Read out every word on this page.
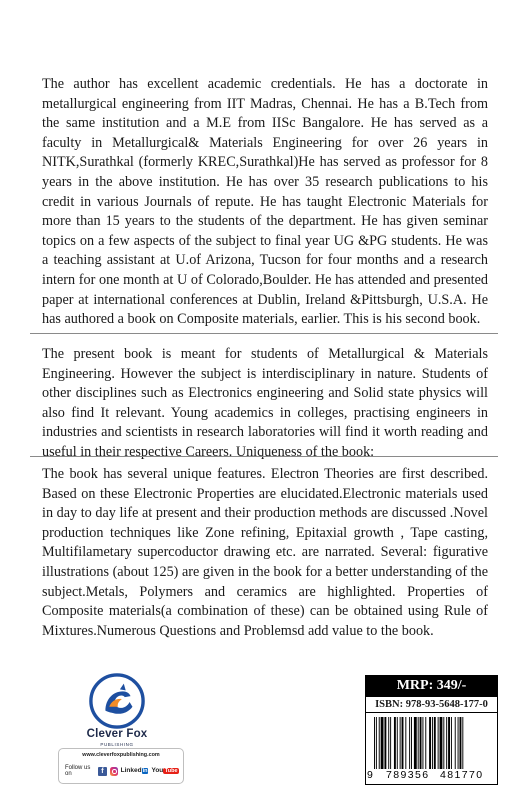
The author has excellent academic credentials. He has a doctorate in metallurgical engineering from IIT Madras, Chennai. He has a B.Tech from the same institution and a M.E from IISc Bangalore. He has served as a faculty in Metallurgical& Materials Engineering for over 26 years in NITK,Surathkal (formerly KREC,Surathkal)He has served as professor for 8 years in the above institution. He has over 35 research publications to his credit in various Journals of repute. He has taught Electronic Materials for more than 15 years to the students of the department. He has given seminar topics on a few aspects of the subject to final year UG &PG students. He was a teaching assistant at U.of Arizona, Tucson for four months and a research intern for one month at U of Colorado,Boulder. He has attended and presented paper at international conferences at Dublin, Ireland &Pittsburgh, U.S.A. He has authored a book on Composite materials, earlier. This is his second book.

The present book is meant for students of Metallurgical & Materials Engineering. However the subject is interdisciplinary in nature. Students of other disciplines such as Electronics engineering and Solid state physics will also find It relevant. Young academics in colleges, practising engineers in industries and scientists in research laboratories will find it worth reading and useful in their respective Careers. Uniqueness of the book:

The book has several unique features. Electron Theories are first described. Based on these Electronic Properties are elucidated.Electronic materials used in day to day life at present and their production methods are discussed .Novel production techniques like Zone refining, Epitaxial growth , Tape casting, Multifilametary supercoductor drawing etc. are narrated. Several: figurative illustrations (about 125) are given in the book for a better understanding of the subject.Metals, Polymers and ceramics are highlighted. Properties of Composite materials(a combination of these) can be obtained using Rule of Mixtures.Numerous Questions and Problemsd add value to the book.

Clever Fox
PUBLISHING
www.cleverfoxpublishing.com
Follow us on	f	Linkedin You Tube
MRP: 349/-
ISBN: 978-93-5648-177-0
9 789356 481770
